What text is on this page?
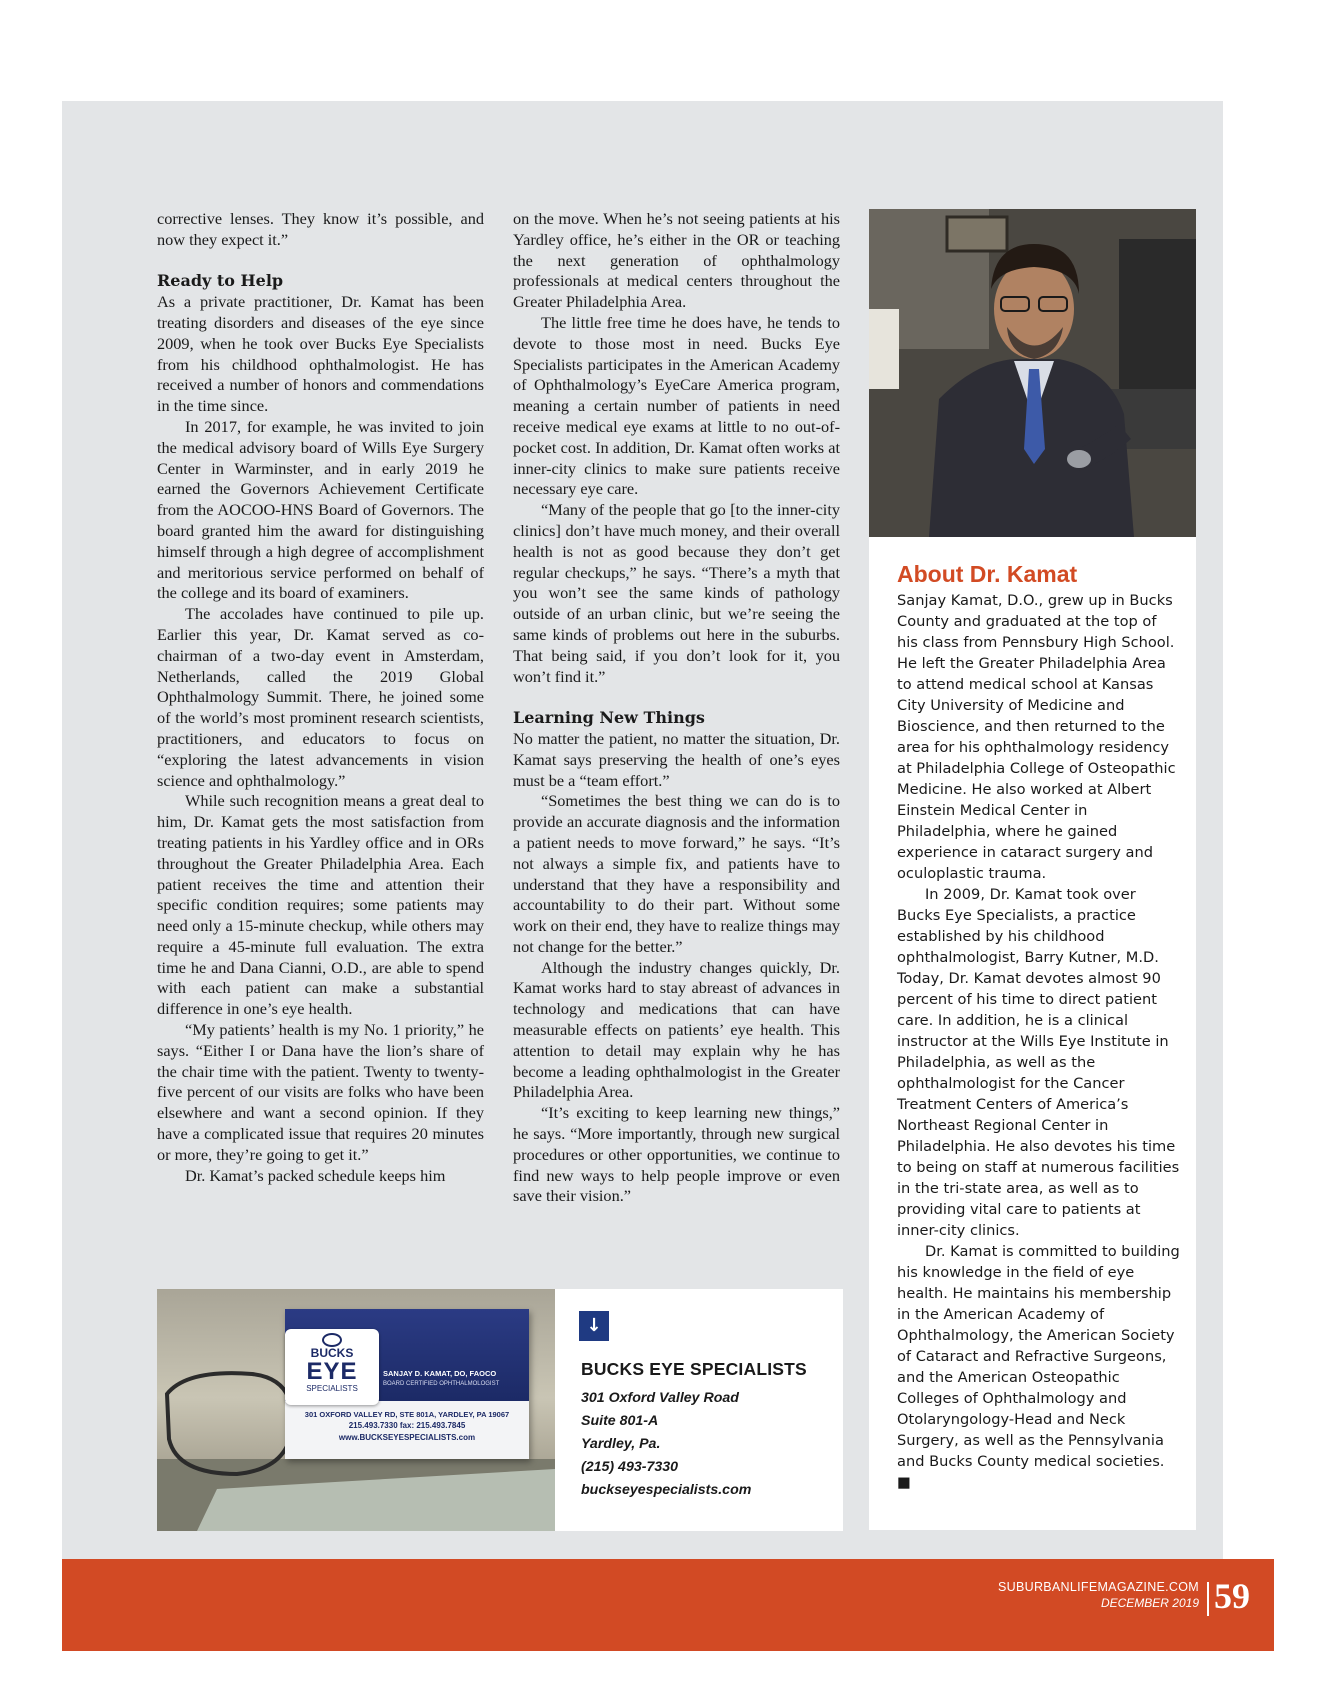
corrective lenses. They know it’s possible, and now they expect it.”

Ready to Help

As a private practitioner, Dr. Kamat has been treating disorders and diseases of the eye since 2009, when he took over Bucks Eye Specialists from his childhood ophthalmologist. He has received a number of honors and commendations in the time since.

In 2017, for example, he was invited to join the medical advisory board of Wills Eye Surgery Center in Warminster, and in early 2019 he earned the Governors Achievement Certificate from the AOCOO-HNS Board of Governors. The board granted him the award for distinguishing himself through a high degree of accomplishment and meritorious service performed on behalf of the college and its board of examiners.

The accolades have continued to pile up. Earlier this year, Dr. Kamat served as co-chairman of a two-day event in Amsterdam, Netherlands, called the 2019 Global Ophthalmology Summit. There, he joined some of the world’s most prominent research scientists, practitioners, and educators to focus on “exploring the latest advancements in vision science and ophthalmology.”

While such recognition means a great deal to him, Dr. Kamat gets the most satisfaction from treating patients in his Yardley office and in ORs throughout the Greater Philadelphia Area. Each patient receives the time and attention their specific condition requires; some patients may need only a 15-minute checkup, while others may require a 45-minute full evaluation. The extra time he and Dana Cianni, O.D., are able to spend with each patient can make a substantial difference in one’s eye health.

“My patients’ health is my No. 1 priority,” he says. “Either I or Dana have the lion’s share of the chair time with the patient. Twenty to twenty-five percent of our visits are folks who have been elsewhere and want a second opinion. If they have a complicated issue that requires 20 minutes or more, they’re going to get it.”

Dr. Kamat’s packed schedule keeps him

on the move. When he’s not seeing patients at his Yardley office, he’s either in the OR or teaching the next generation of ophthalmology professionals at medical centers throughout the Greater Philadelphia Area.

The little free time he does have, he tends to devote to those most in need. Bucks Eye Specialists participates in the American Academy of Ophthalmology’s EyeCare America program, meaning a certain number of patients in need receive medical eye exams at little to no out-of-pocket cost. In addition, Dr. Kamat often works at inner-city clinics to make sure patients receive necessary eye care.

“Many of the people that go [to the inner-city clinics] don’t have much money, and their overall health is not as good because they don’t get regular checkups,” he says. “There’s a myth that you won’t see the same kinds of pathology outside of an urban clinic, but we’re seeing the same kinds of problems out here in the suburbs. That being said, if you don’t look for it, you won’t find it.”

Learning New Things

No matter the patient, no matter the situation, Dr. Kamat says preserving the health of one’s eyes must be a “team effort.”

“Sometimes the best thing we can do is to provide an accurate diagnosis and the information a patient needs to move forward,” he says. “It’s not always a simple fix, and patients have to understand that they have a responsibility and accountability to do their part. Without some work on their end, they have to realize things may not change for the better.”

Although the industry changes quickly, Dr. Kamat works hard to stay abreast of advances in technology and medications that can have measurable effects on patients’ eye health. This attention to detail may explain why he has become a leading ophthalmologist in the Greater Philadelphia Area.

“It’s exciting to keep learning new things,” he says. “More importantly, through new surgical procedures or other opportunities, we continue to find new ways to help people improve or even save their vision.”

About Dr. Kamat

Sanjay Kamat, D.O., grew up in Bucks County and graduated at the top of his class from Pennsbury High School. He left the Greater Philadelphia Area to attend medical school at Kansas City University of Medicine and Bioscience, and then returned to the area for his ophthalmology residency at Philadelphia College of Osteopathic Medicine. He also worked at Albert Einstein Medical Center in Philadelphia, where he gained experience in cataract surgery and oculoplastic trauma.

In 2009, Dr. Kamat took over Bucks Eye Specialists, a practice established by his childhood ophthalmologist, Barry Kutner, M.D. Today, Dr. Kamat devotes almost 90 percent of his time to direct patient care. In addition, he is a clinical instructor at the Wills Eye Institute in Philadelphia, as well as the ophthalmologist for the Cancer Treatment Centers of America’s Northeast Regional Center in Philadelphia. He also devotes his time to being on staff at numerous facilities in the tri-state area, as well as to providing vital care to patients at inner-city clinics.

Dr. Kamat is committed to building his knowledge in the field of eye health. He maintains his membership in the American Academy of Ophthalmology, the American Society of Cataract and Refractive Surgeons, and the American Osteopathic Colleges of Ophthalmology and Otolaryngology-Head and Neck Surgery, as well as the Pennsylvania and Bucks County medical societies. ■

BUCKS
EYE
SPECIALISTS
SANJAY D. KAMAT, DO, FAOCO
BOARD CERTIFIED OPHTHALMOLOGIST
301 OXFORD VALLEY RD, STE 801A, YARDLEY, PA 19067
215.493.7330 fax: 215.493.7845
www.BUCKSEYESPECIALISTS.com
↓
BUCKS EYE SPECIALISTS
301 Oxford Valley Road
Suite 801-A
Yardley, Pa.
(215) 493-7330
buckseyespecialists.com
SUBURBANLIFEMAGAZINE.COM
DECEMBER 2019 59
